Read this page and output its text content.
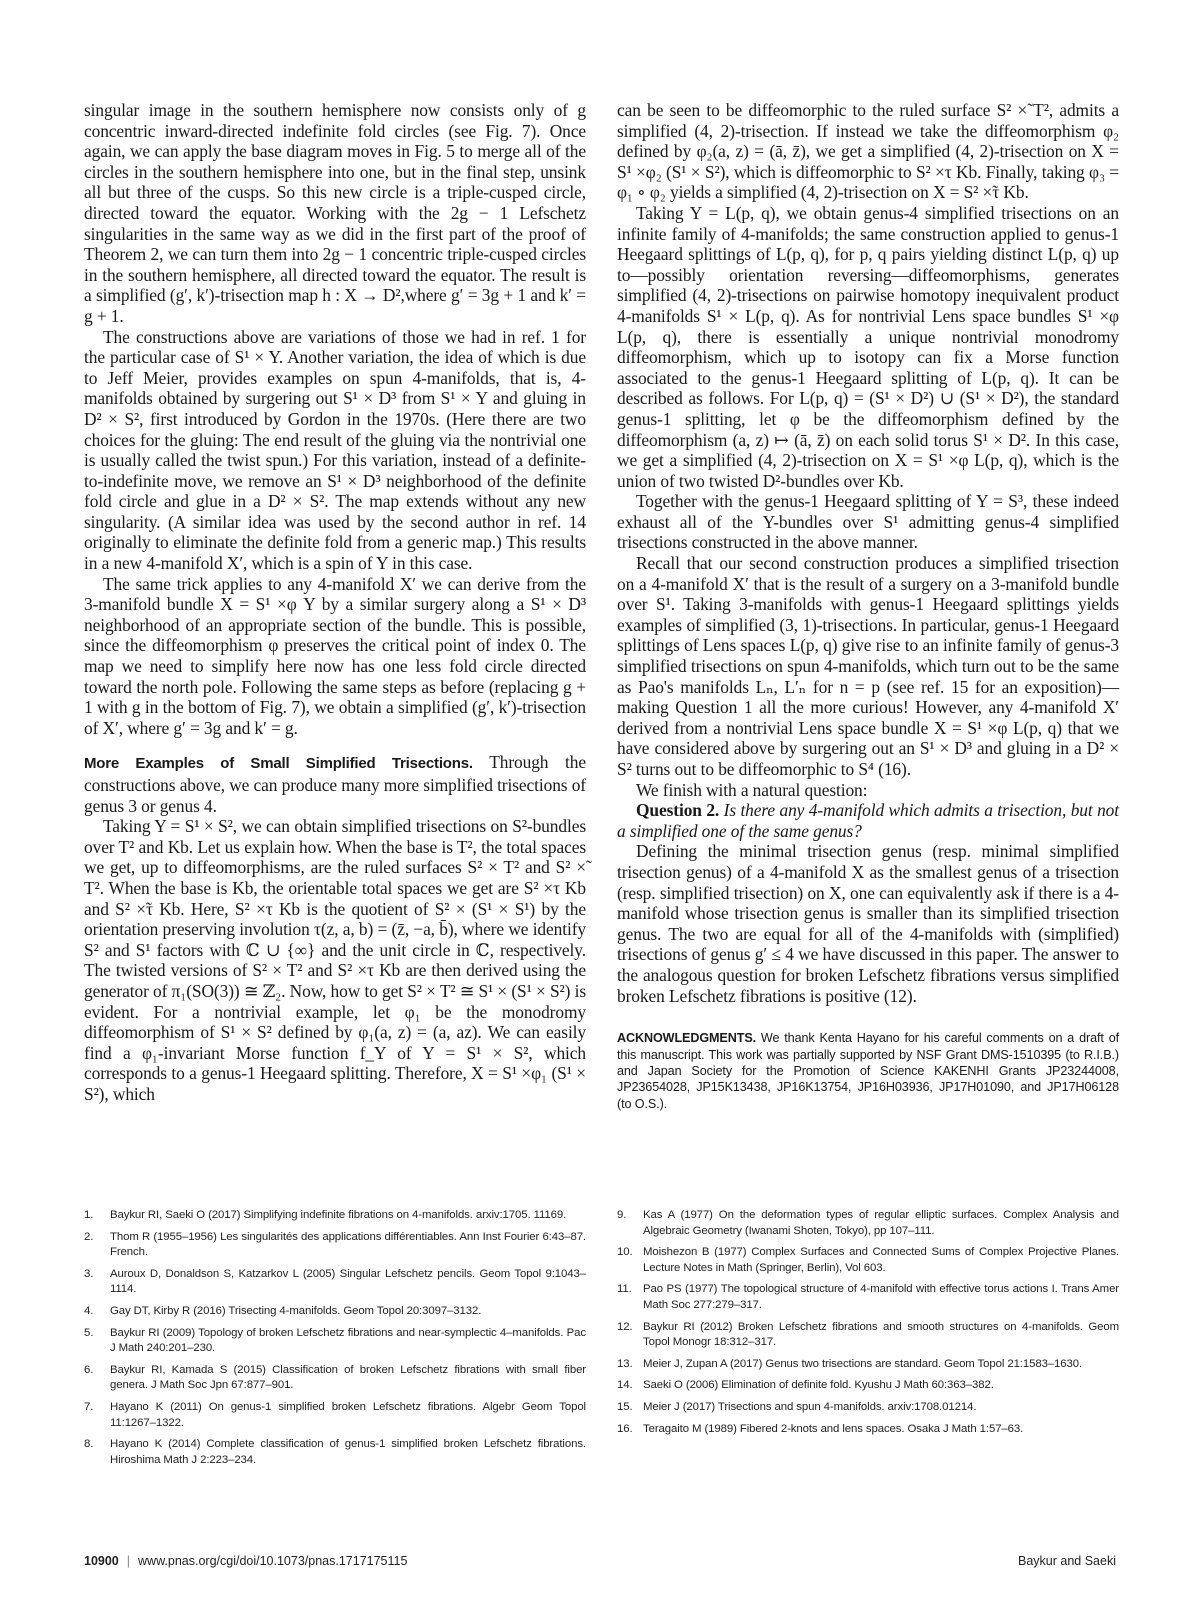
singular image in the southern hemisphere now consists only of g concentric inward-directed indefinite fold circles (see Fig. 7). Once again, we can apply the base diagram moves in Fig. 5 to merge all of the circles in the southern hemisphere into one, but in the final step, unsink all but three of the cusps. So this new circle is a triple-cusped circle, directed toward the equator. Working with the 2g − 1 Lefschetz singularities in the same way as we did in the first part of the proof of Theorem 2, we can turn them into 2g − 1 concentric triple-cusped circles in the southern hemisphere, all directed toward the equator. The result is a simplified (g′, k′)-trisection map h : X → D²,where g′ = 3g + 1 and k′ = g + 1.

The constructions above are variations of those we had in ref. 1 for the particular case of S¹ × Y. Another variation, the idea of which is due to Jeff Meier, provides examples on spun 4-manifolds, that is, 4-manifolds obtained by surgering out S¹ × D³ from S¹ × Y and gluing in D² × S², first introduced by Gordon in the 1970s. (Here there are two choices for the gluing: The end result of the gluing via the nontrivial one is usually called the twist spun.) For this variation, instead of a definite-to-indefinite move, we remove an S¹ × D³ neighborhood of the definite fold circle and glue in a D² × S². The map extends without any new singularity. (A similar idea was used by the second author in ref. 14 originally to eliminate the definite fold from a generic map.) This results in a new 4-manifold X′, which is a spin of Y in this case.

The same trick applies to any 4-manifold X′ we can derive from the 3-manifold bundle X = S¹ ×φ Y by a similar surgery along a S¹ × D³ neighborhood of an appropriate section of the bundle. This is possible, since the diffeomorphism φ preserves the critical point of index 0. The map we need to simplify here now has one less fold circle directed toward the north pole. Following the same steps as before (replacing g + 1 with g in the bottom of Fig. 7), we obtain a simplified (g′, k′)-trisection of X′, where g′ = 3g and k′ = g.

More Examples of Small Simplified Trisections. Through the constructions above, we can produce many more simplified trisections of genus 3 or genus 4.

Taking Y = S¹ × S², we can obtain simplified trisections on S²-bundles over T² and Kb. Let us explain how. When the base is T², the total spaces we get, up to diffeomorphisms, are the ruled surfaces S² × T² and S² ×̃ T². When the base is Kb, the orientable total spaces we get are S² ×τ Kb and S² ×̃τ Kb. Here, S² ×τ Kb is the quotient of S² × (S¹ × S¹) by the orientation preserving involution τ(z, a, b) = (z̄, −a, b̄), where we identify S² and S¹ factors with ℂ ∪ {∞} and the unit circle in ℂ, respectively. The twisted versions of S² × T² and S² ×τ Kb are then derived using the generator of π₁(SO(3)) ≅ ℤ₂. Now, how to get S² × T² ≅ S¹ × (S¹ × S²) is evident. For a nontrivial example, let φ₁ be the monodromy diffeomorphism of S¹ × S² defined by φ₁(a, z) = (a, az). We can easily find a φ₁-invariant Morse function f_Y of Y = S¹ × S², which corresponds to a genus-1 Heegaard splitting. Therefore, X = S¹ ×φ₁ (S¹ × S²), which

can be seen to be diffeomorphic to the ruled surface S² ×̃ T², admits a simplified (4, 2)-trisection. If instead we take the diffeomorphism φ₂ defined by φ₂(a, z) = (ā, z̄), we get a simplified (4, 2)-trisection on X = S¹ ×φ₂ (S¹ × S²), which is diffeomorphic to S² ×τ Kb. Finally, taking φ₃ = φ₁ ∘ φ₂ yields a simplified (4, 2)-trisection on X = S² ×̃τ Kb.

Taking Y = L(p, q), we obtain genus-4 simplified trisections on an infinite family of 4-manifolds; the same construction applied to genus-1 Heegaard splittings of L(p, q), for p, q pairs yielding distinct L(p, q) up to—possibly orientation reversing—diffeomorphisms, generates simplified (4, 2)-trisections on pairwise homotopy inequivalent product 4-manifolds S¹ × L(p, q). As for nontrivial Lens space bundles S¹ ×φ L(p, q), there is essentially a unique nontrivial monodromy diffeomorphism, which up to isotopy can fix a Morse function associated to the genus-1 Heegaard splitting of L(p, q). It can be described as follows. For L(p, q) = (S¹ × D²) ∪ (S¹ × D²), the standard genus-1 splitting, let φ be the diffeomorphism defined by the diffeomorphism (a, z) ↦ (ā, z̄) on each solid torus S¹ × D². In this case, we get a simplified (4, 2)-trisection on X = S¹ ×φ L(p, q), which is the union of two twisted D²-bundles over Kb.

Together with the genus-1 Heegaard splitting of Y = S³, these indeed exhaust all of the Y-bundles over S¹ admitting genus-4 simplified trisections constructed in the above manner.

Recall that our second construction produces a simplified trisection on a 4-manifold X′ that is the result of a surgery on a 3-manifold bundle over S¹. Taking 3-manifolds with genus-1 Heegaard splittings yields examples of simplified (3, 1)-trisections. In particular, genus-1 Heegaard splittings of Lens spaces L(p, q) give rise to an infinite family of genus-3 simplified trisections on spun 4-manifolds, which turn out to be the same as Pao's manifolds Lₙ, L′ₙ for n = p (see ref. 15 for an exposition)—making Question 1 all the more curious! However, any 4-manifold X′ derived from a nontrivial Lens space bundle X = S¹ ×φ L(p, q) that we have considered above by surgering out an S¹ × D³ and gluing in a D² × S² turns out to be diffeomorphic to S⁴ (16).

We finish with a natural question:

Question 2. Is there any 4-manifold which admits a trisection, but not a simplified one of the same genus?

Defining the minimal trisection genus (resp. minimal simplified trisection genus) of a 4-manifold X as the smallest genus of a trisection (resp. simplified trisection) on X, one can equivalently ask if there is a 4-manifold whose trisection genus is smaller than its simplified trisection genus. The two are equal for all of the 4-manifolds with (simplified) trisections of genus g′ ≤ 4 we have discussed in this paper. The answer to the analogous question for broken Lefschetz fibrations versus simplified broken Lefschetz fibrations is positive (12).

ACKNOWLEDGMENTS. We thank Kenta Hayano for his careful comments on a draft of this manuscript. This work was partially supported by NSF Grant DMS-1510395 (to R.I.B.) and Japan Society for the Promotion of Science KAKENHI Grants JP23244008, JP23654028, JP15K13438, JP16K13754, JP16H03936, JP17H01090, and JP17H06128 (to O.S.).

1. Baykur RI, Saeki O (2017) Simplifying indefinite fibrations on 4-manifolds. arxiv:1705. 11169.
2. Thom R (1955–1956) Les singularités des applications différentiables. Ann Inst Fourier 6:43–87. French.
3. Auroux D, Donaldson S, Katzarkov L (2005) Singular Lefschetz pencils. Geom Topol 9:1043–1114.
4. Gay DT, Kirby R (2016) Trisecting 4-manifolds. Geom Topol 20:3097–3132.
5. Baykur RI (2009) Topology of broken Lefschetz fibrations and near-symplectic 4–manifolds. Pac J Math 240:201–230.
6. Baykur RI, Kamada S (2015) Classification of broken Lefschetz fibrations with small fiber genera. J Math Soc Jpn 67:877–901.
7. Hayano K (2011) On genus-1 simplified broken Lefschetz fibrations. Algebr Geom Topol 11:1267–1322.
8. Hayano K (2014) Complete classification of genus-1 simplified broken Lefschetz fibrations. Hiroshima Math J 2:223–234.
9. Kas A (1977) On the deformation types of regular elliptic surfaces. Complex Analysis and Algebraic Geometry (Iwanami Shoten, Tokyo), pp 107–111.
10. Moishezon B (1977) Complex Surfaces and Connected Sums of Complex Projective Planes. Lecture Notes in Math (Springer, Berlin), Vol 603.
11. Pao PS (1977) The topological structure of 4-manifold with effective torus actions I. Trans Amer Math Soc 277:279–317.
12. Baykur RI (2012) Broken Lefschetz fibrations and smooth structures on 4-manifolds. Geom Topol Monogr 18:312–317.
13. Meier J, Zupan A (2017) Genus two trisections are standard. Geom Topol 21:1583–1630.
14. Saeki O (2006) Elimination of definite fold. Kyushu J Math 60:363–382.
15. Meier J (2017) Trisections and spun 4-manifolds. arxiv:1708.01214.
16. Teragaito M (1989) Fibered 2-knots and lens spaces. Osaka J Math 1:57–63.
10900 | www.pnas.org/cgi/doi/10.1073/pnas.1717175115	Baykur and Saeki
